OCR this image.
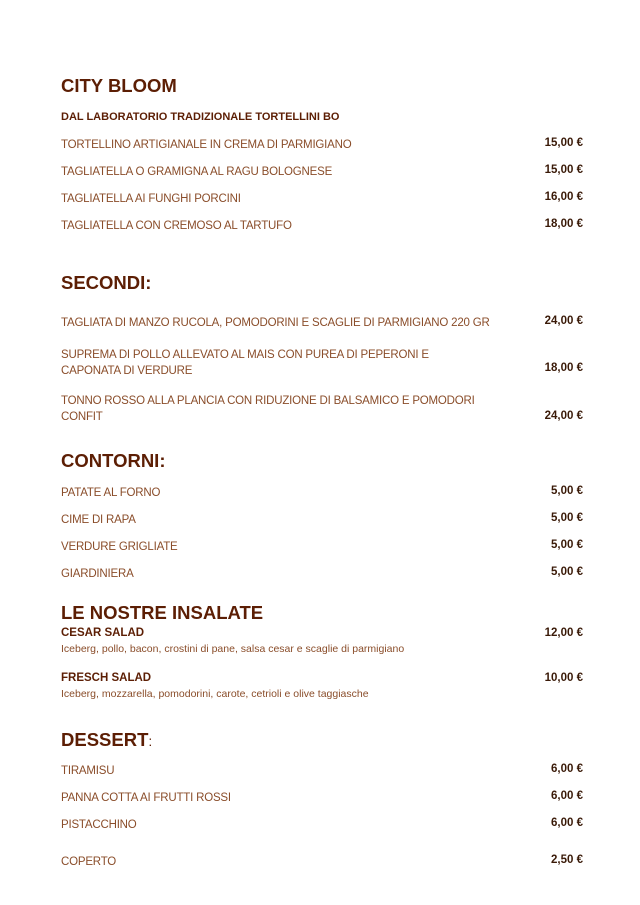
CITY BLOOM
DAL LABORATORIO TRADIZIONALE TORTELLINI BO
TORTELLINO ARTIGIANALE IN CREMA DI PARMIGIANO	15,00 €
TAGLIATELLA O GRAMIGNA AL RAGU BOLOGNESE	15,00 €
TAGLIATELLA AI FUNGHI PORCINI	16,00 €
TAGLIATELLA CON CREMOSO AL TARTUFO	18,00 €
SECONDI:
TAGLIATA DI MANZO RUCOLA, POMODORINI E SCAGLIE DI PARMIGIANO 220 GR	24,00 €
SUPREMA DI POLLO ALLEVATO AL MAIS CON PUREA DI PEPERONI E CAPONATA DI VERDURE	18,00 €
TONNO ROSSO ALLA PLANCIA CON RIDUZIONE DI BALSAMICO E POMODORI CONFIT	24,00 €
CONTORNI:
PATATE AL FORNO	5,00 €
CIME DI RAPA	5,00 €
VERDURE GRIGLIATE	5,00 €
GIARDINIERA	5,00 €
LE NOSTRE INSALATE
CESAR SALAD	12,00 €
Iceberg, pollo, bacon, crostini di pane, salsa cesar e scaglie di parmigiano
FRESCH SALAD	10,00 €
Iceberg, mozzarella, pomodorini, carote, cetrioli e olive taggiasche
DESSERT:
TIRAMISU	6,00 €
PANNA COTTA AI FRUTTI ROSSI	6,00 €
PISTACCHINO	6,00 €
COPERTO	2,50 €
